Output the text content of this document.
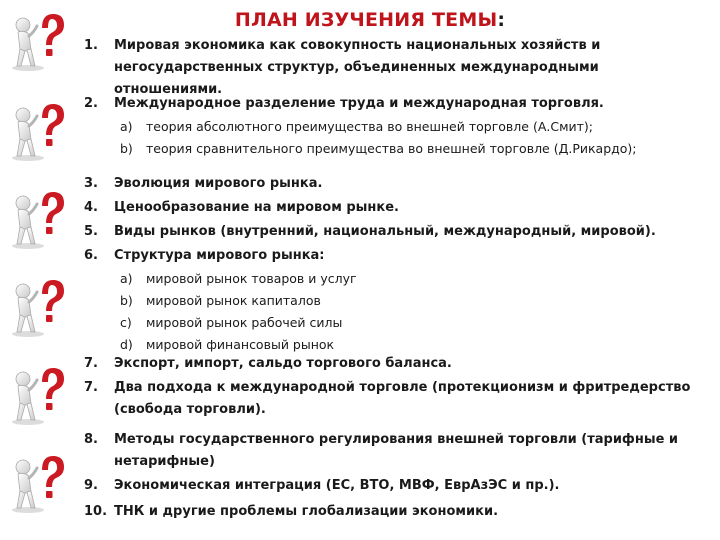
ПЛАН ИЗУЧЕНИЯ ТЕМЫ:
1.	Мировая экономика как совокупность национальных хозяйств и
негосударственных структур, объединенных международными
отношениями.
2.	Международное разделение труда и международная торговля.
a)	теория абсолютного преимущества во внешней торговле (А.Смит);
b)	теория сравнительного преимущества во внешней торговле (Д.Рикардо);
3.	Эволюция мирового рынка.
4.	Ценообразование на мировом рынке.
5.	Виды рынков (внутренний, национальный, международный, мировой).
6.	Структура мирового рынка:
a)	мировой рынок товаров и услуг
b)	мировой рынок капиталов
c)	мировой рынок рабочей силы
d)	мировой финансовый рынок
7.	Экспорт, импорт, сальдо торгового баланса.
7.	Два подхода к международной торговле (протекционизм и фритредерство
(свобода торговли).
8.	Методы государственного регулирования внешней торговли (тарифные и
нетарифные)
9.	Экономическая интеграция (ЕС, ВТО, МВФ, ЕврАзЭС и пр.).
10. ТНК и другие проблемы глобализации экономики.
